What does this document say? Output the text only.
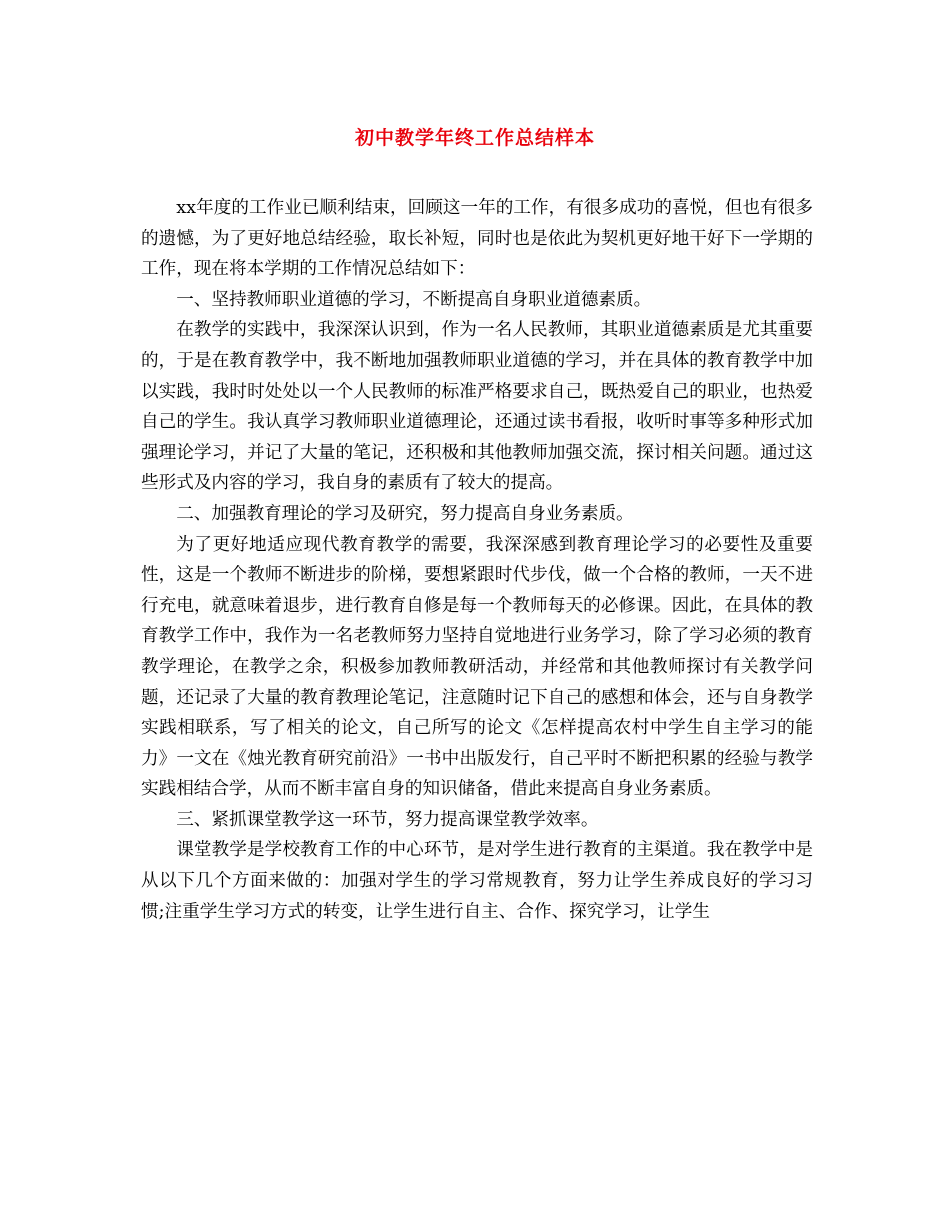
初中教学年终工作总结样本

xx年度的工作业已顺利结束，回顾这一年的工作，有很多成功的喜悦，但也有很多的遗憾，为了更好地总结经验，取长补短，同时也是依此为契机更好地干好下一学期的工作，现在将本学期的工作情况总结如下：

一、坚持教师职业道德的学习，不断提高自身职业道德素质。

在教学的实践中，我深深认识到，作为一名人民教师，其职业道德素质是尤其重要的，于是在教育教学中，我不断地加强教师职业道德的学习，并在具体的教育教学中加以实践，我时时处处以一个人民教师的标准严格要求自己，既热爱自己的职业，也热爱自己的学生。我认真学习教师职业道德理论，还通过读书看报，收听时事等多种形式加强理论学习，并记了大量的笔记，还积极和其他教师加强交流，探讨相关问题。通过这些形式及内容的学习，我自身的素质有了较大的提高。

二、加强教育理论的学习及研究，努力提高自身业务素质。

为了更好地适应现代教育教学的需要，我深深感到教育理论学习的必要性及重要性，这是一个教师不断进步的阶梯，要想紧跟时代步伐，做一个合格的教师，一天不进行充电，就意味着退步，进行教育自修是每一个教师每天的必修课。因此，在具体的教育教学工作中，我作为一名老教师努力坚持自觉地进行业务学习，除了学习必须的教育教学理论，在教学之余，积极参加教师教研活动，并经常和其他教师探讨有关教学问题，还记录了大量的教育教理论笔记，注意随时记下自己的感想和体会，还与自身教学实践相联系，写了相关的论文，自己所写的论文《怎样提高农村中学生自主学习的能力》一文在《烛光教育研究前沿》一书中出版发行，自己平时不断把积累的经验与教学实践相结合学，从而不断丰富自身的知识储备，借此来提高自身业务素质。

三、紧抓课堂教学这一环节，努力提高课堂教学效率。

课堂教学是学校教育工作的中心环节，是对学生进行教育的主渠道。我在教学中是从以下几个方面来做的：加强对学生的学习常规教育，努力让学生养成良好的学习习惯;注重学生学习方式的转变，让学生进行自主、合作、探究学习，让学生
